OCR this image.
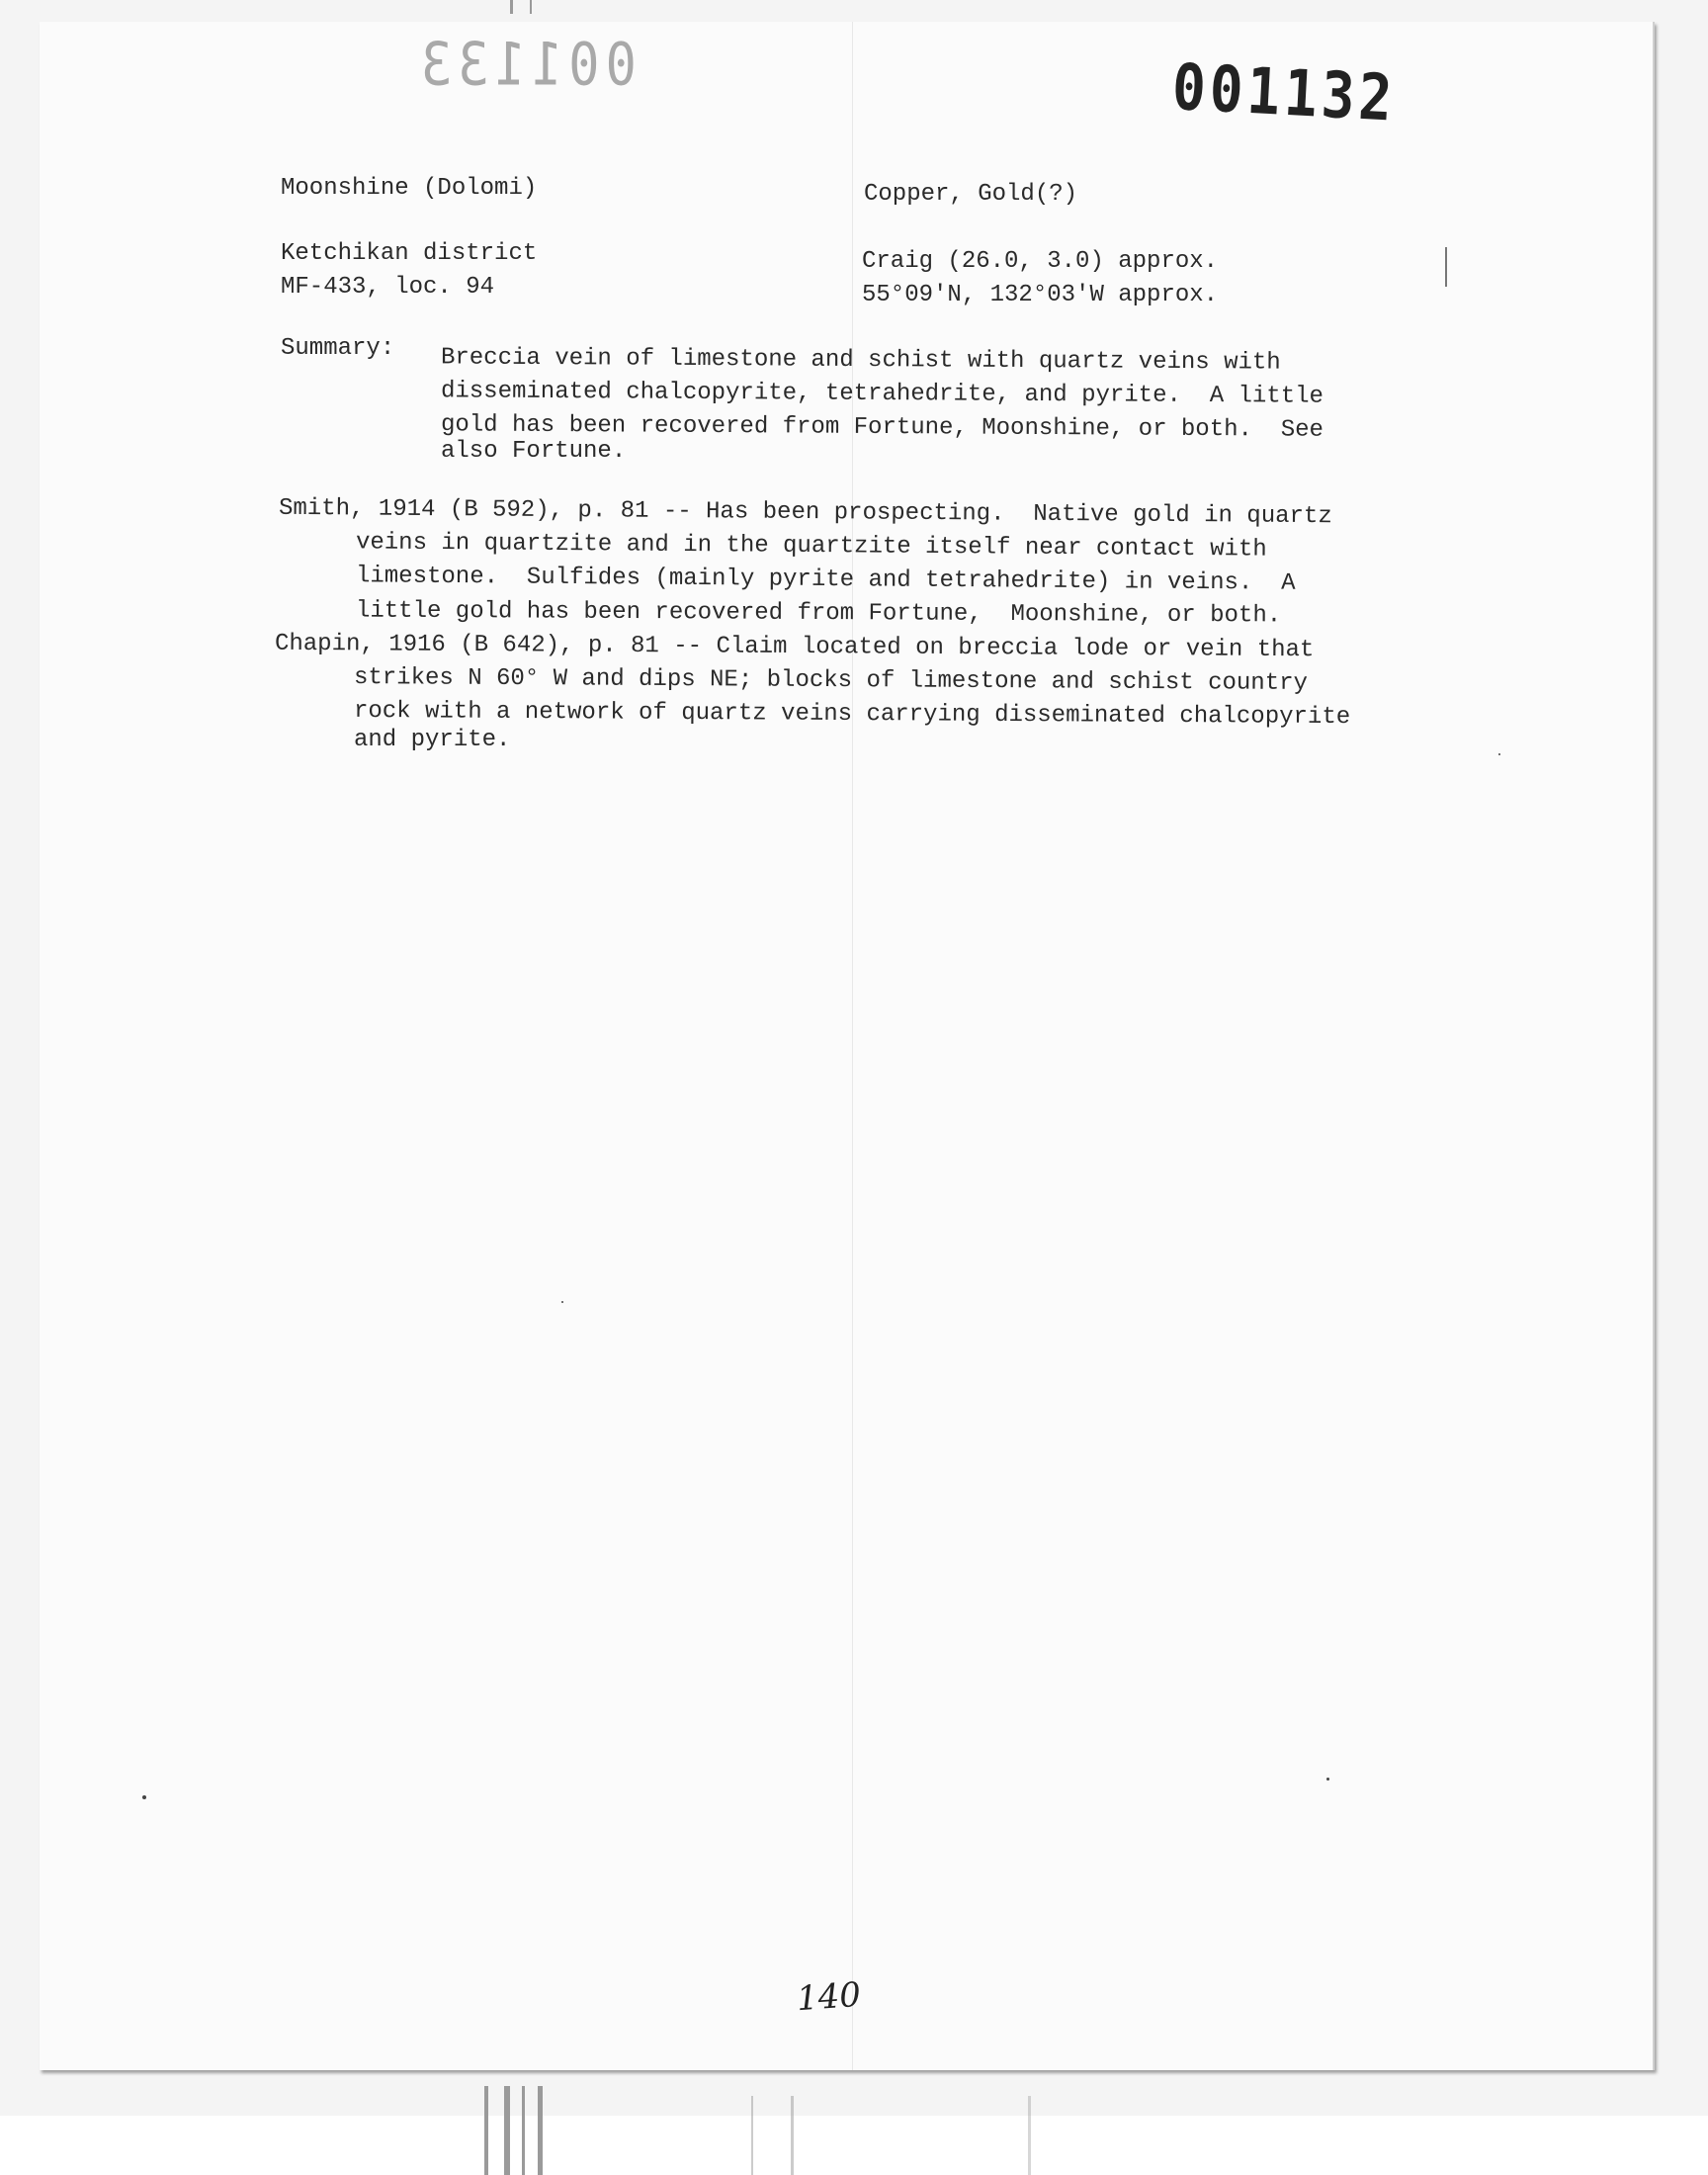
001133	001132
Moonshine (Dolomi)	Copper, Gold(?)
Ketchikan district
MF-433, loc. 94
Craig (26.0, 3.0) approx.
55°09'N, 132°03'W approx.
Summary: Breccia vein of limestone and schist with quartz veins with
disseminated chalcopyrite, tetrahedrite, and pyrite.  A little
gold has been recovered from Fortune, Moonshine, or both.  See
also Fortune.
Smith, 1914 (B 592), p. 81 -- Has been prospecting.  Native gold in quartz
veins in quartzite and in the quartzite itself near contact with
limestone.  Sulfides (mainly pyrite and tetrahedrite) in veins.  A
little gold has been recovered from Fortune,  Moonshine, or both.
Chapin, 1916 (B 642), p. 81 -- Claim located on breccia lode or vein that
strikes N 60° W and dips NE; blocks of limestone and schist country
rock with a network of quartz veins carrying disseminated chalcopyrite
and pyrite.
140
